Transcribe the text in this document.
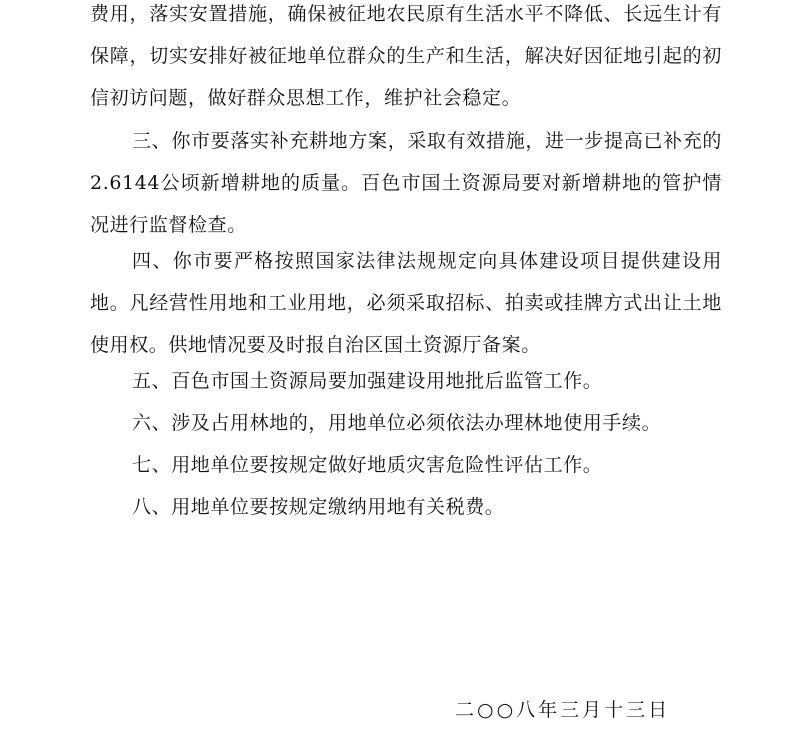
费用，落实安置措施，确保被征地农民原有生活水平不降低、长远生计有保障，切实安排好被征地单位群众的生产和生活，解决好因征地引起的初信初访问题，做好群众思想工作，维护社会稳定。

三、你市要落实补充耕地方案，采取有效措施，进一步提高已补充的2.6144公顷新增耕地的质量。百色市国土资源局要对新增耕地的管护情况进行监督检查。

四、你市要严格按照国家法律法规规定向具体建设项目提供建设用地。凡经营性用地和工业用地，必须采取招标、拍卖或挂牌方式出让土地使用权。供地情况要及时报自治区国土资源厅备案。

五、百色市国土资源局要加强建设用地批后监管工作。

六、涉及占用林地的，用地单位必须依法办理林地使用手续。

七、用地单位要按规定做好地质灾害危险性评估工作。

八、用地单位要按规定缴纳用地有关税费。

二○○八年三月十三日
